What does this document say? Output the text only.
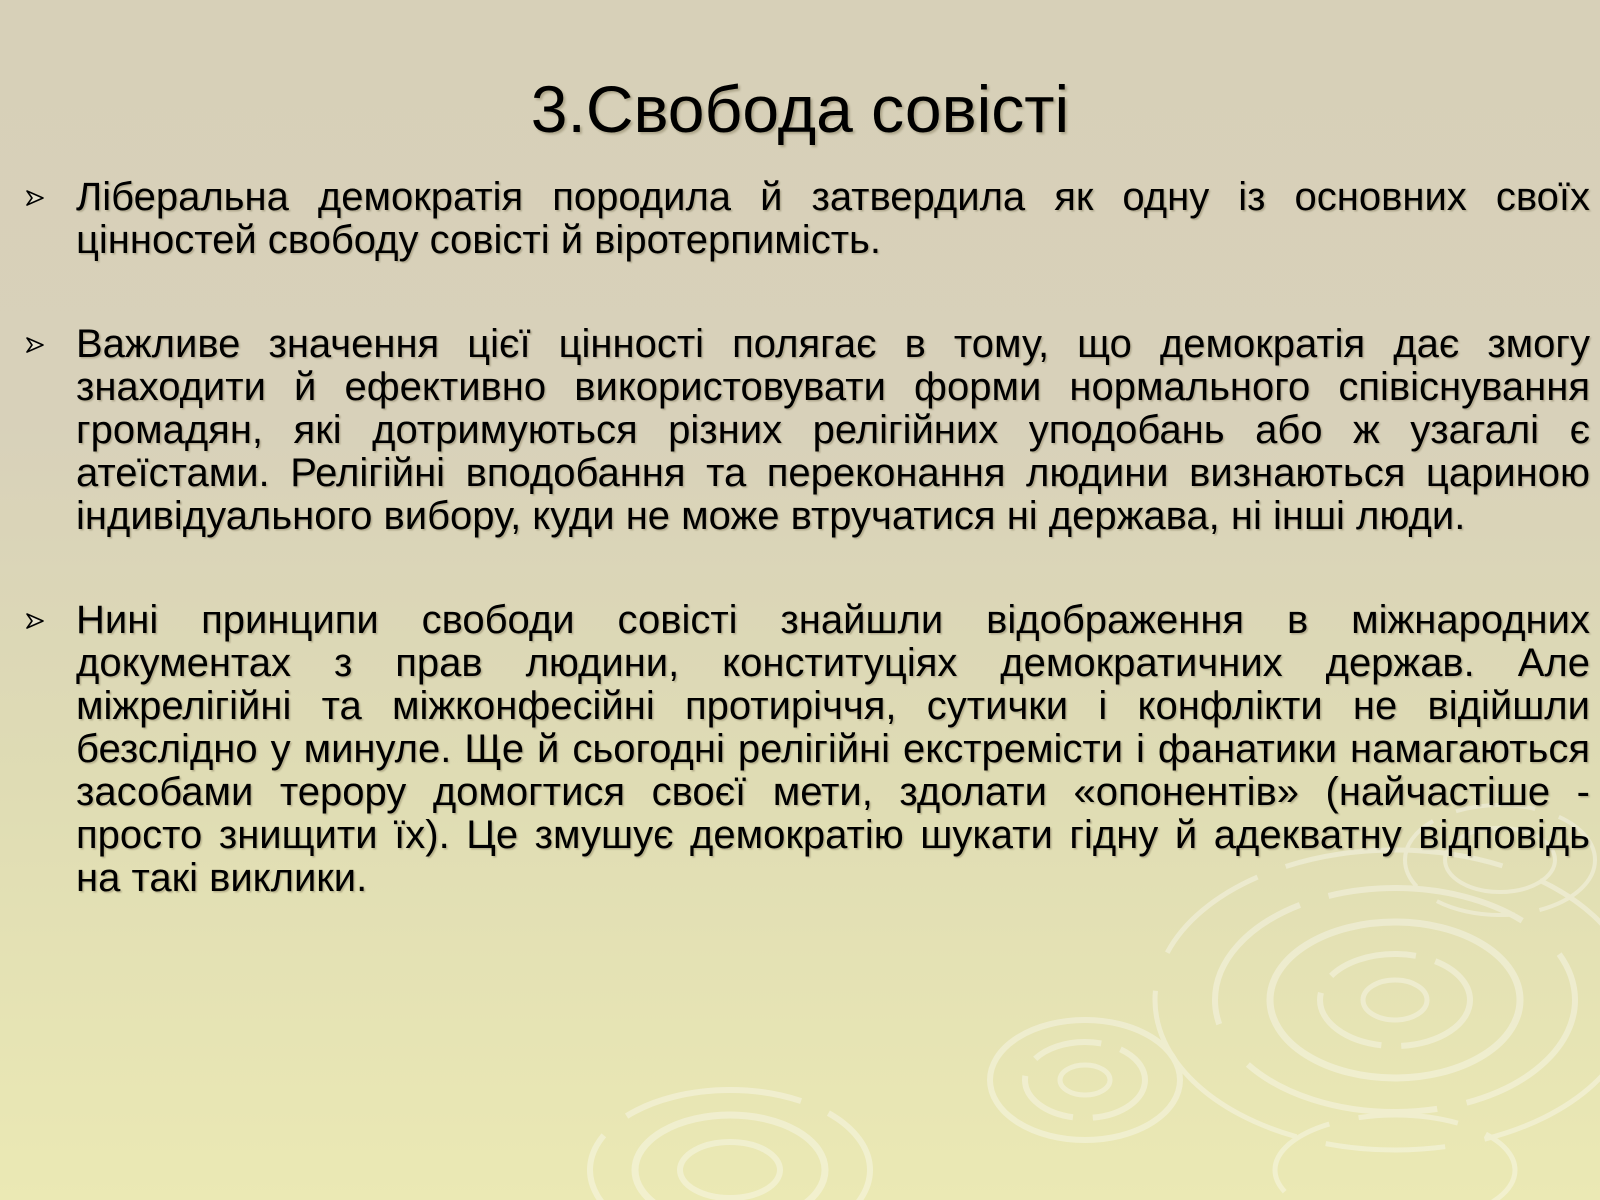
3.Свобода совісті
Ліберальна демократія породила й затвердила як одну із основних своїх цінностей свободу совісті й віротерпимість.
Важливе значення цієї цінності полягає в тому, що демократія дає змогу знаходити й ефективно використовувати форми нормального співіснування громадян, які дотримуються різних релігійних уподобань або ж узагалі є атеїстами. Релігійні вподобання та переконання людини визнаються цариною індивідуального вибору, куди не може втручатися ні держава, ні інші люди.
Нині принципи свободи совісті знайшли відображення в міжнародних документах з прав людини, конституціях демократичних держав. Але міжрелігійні та міжконфесійні протиріччя, сутички і конфлікти не відійшли безслідно у минуле. Ще й сьогодні релігійні екстремісти і фанатики намагаються засобами терору домогтися своєї мети, здолати «опонентів» (найчастіше - просто знищити їх). Це змушує демократію шукати гідну й адекватну відповідь на такі виклики.
